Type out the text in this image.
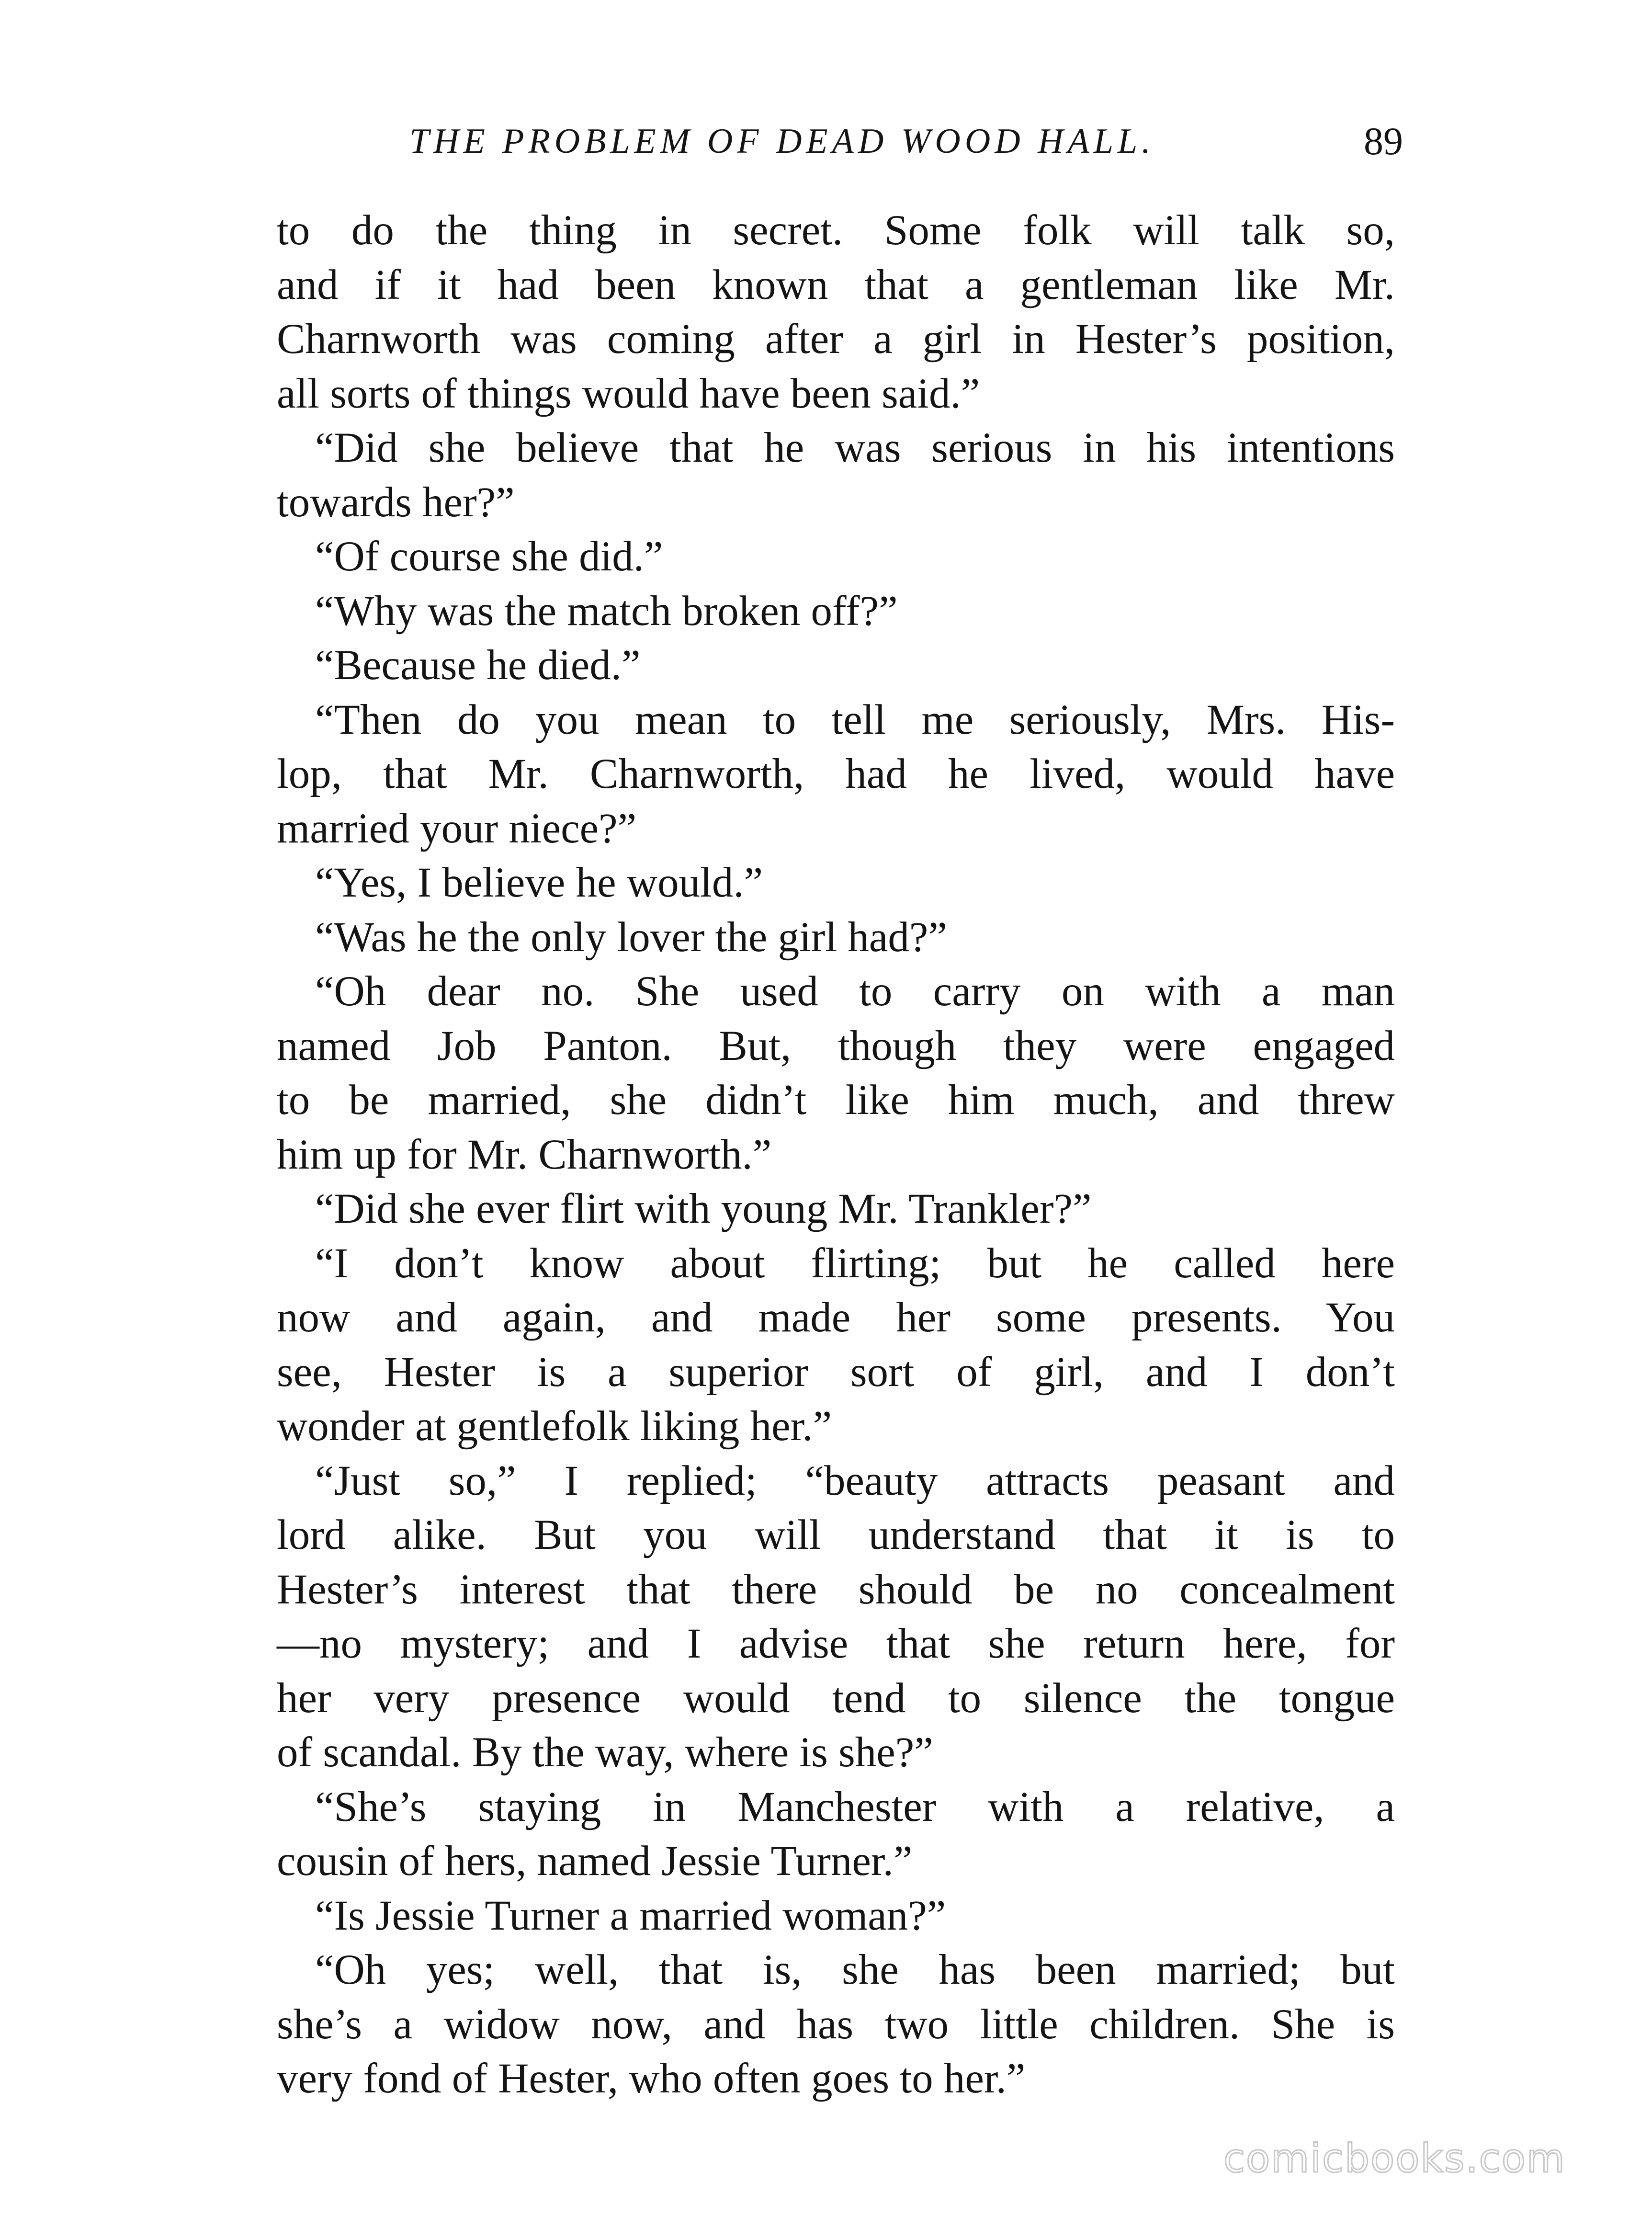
THE PROBLEM OF DEAD WOOD HALL.	89
to do the thing in secret. Some folk will talk so,
and if it had been known that a gentleman like Mr.
Charnworth was coming after a girl in Hester’s position,
all sorts of things would have been said.”
“Did she believe that he was serious in his intentions
towards her?”
“Of course she did.”
“Why was the match broken off?”
“Because he died.”
“Then do you mean to tell me seriously, Mrs. His-
lop, that Mr. Charnworth, had he lived, would have
married your niece?”
“Yes, I believe he would.”
“Was he the only lover the girl had?”
“Oh dear no. She used to carry on with a man
named Job Panton. But, though they were engaged
to be married, she didn’t like him much, and threw
him up for Mr. Charnworth.”
“Did she ever flirt with young Mr. Trankler?”
“I don’t know about flirting; but he called here
now and again, and made her some presents. You
see, Hester is a superior sort of girl, and I don’t
wonder at gentlefolk liking her.”
“Just so,” I replied; “beauty attracts peasant and
lord alike. But you will understand that it is to
Hester’s interest that there should be no concealment
—no mystery; and I advise that she return here, for
her very presence would tend to silence the tongue
of scandal. By the way, where is she?”
“She’s staying in Manchester with a relative, a
cousin of hers, named Jessie Turner.”
“Is Jessie Turner a married woman?”
“Oh yes; well, that is, she has been married; but
she’s a widow now, and has two little children. She is
very fond of Hester, who often goes to her.”
comicbooks.com
